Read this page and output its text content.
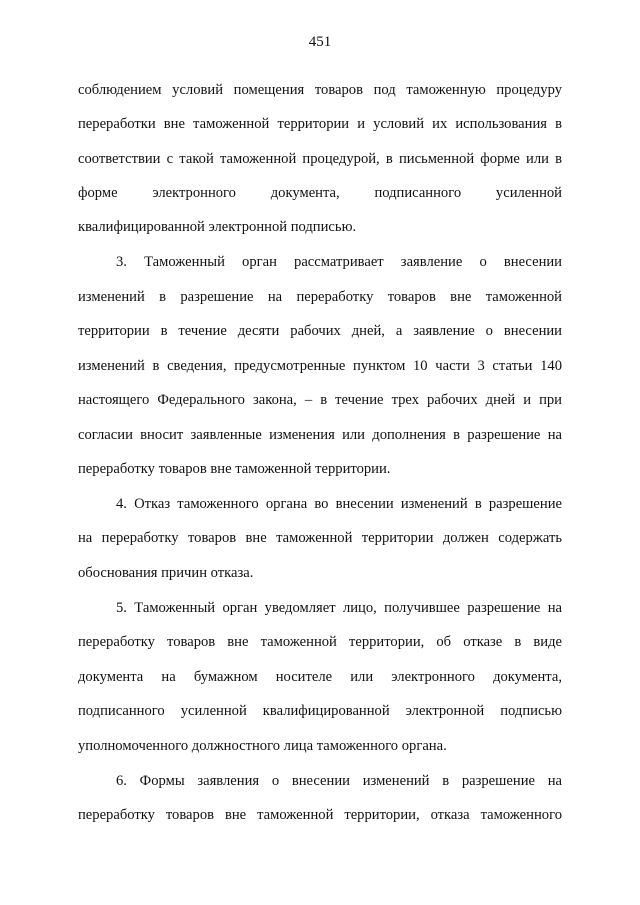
451
соблюдением условий помещения товаров под таможенную процедуру
переработки вне таможенной территории и условий их использования в
соответствии с такой таможенной процедурой, в письменной форме или в
форме электронного документа, подписанного усиленной
квалифицированной электронной подписью.
3. Таможенный орган рассматривает заявление о внесении
изменений в разрешение на переработку товаров вне таможенной
территории в течение десяти рабочих дней, а заявление о внесении
изменений в сведения, предусмотренные пунктом 10 части 3 статьи 140
настоящего Федерального закона, – в течение трех рабочих дней и при
согласии вносит заявленные изменения или дополнения в разрешение на
переработку товаров вне таможенной территории.
4. Отказ таможенного органа во внесении изменений в разрешение
на переработку товаров вне таможенной территории должен содержать
обоснования причин отказа.
5. Таможенный орган уведомляет лицо, получившее разрешение на
переработку товаров вне таможенной территории, об отказе в виде
документа на бумажном носителе или электронного документа,
подписанного усиленной квалифицированной электронной подписью
уполномоченного должностного лица таможенного органа.
6. Формы заявления о внесении изменений в разрешение на
переработку товаров вне таможенной территории, отказа таможенного
